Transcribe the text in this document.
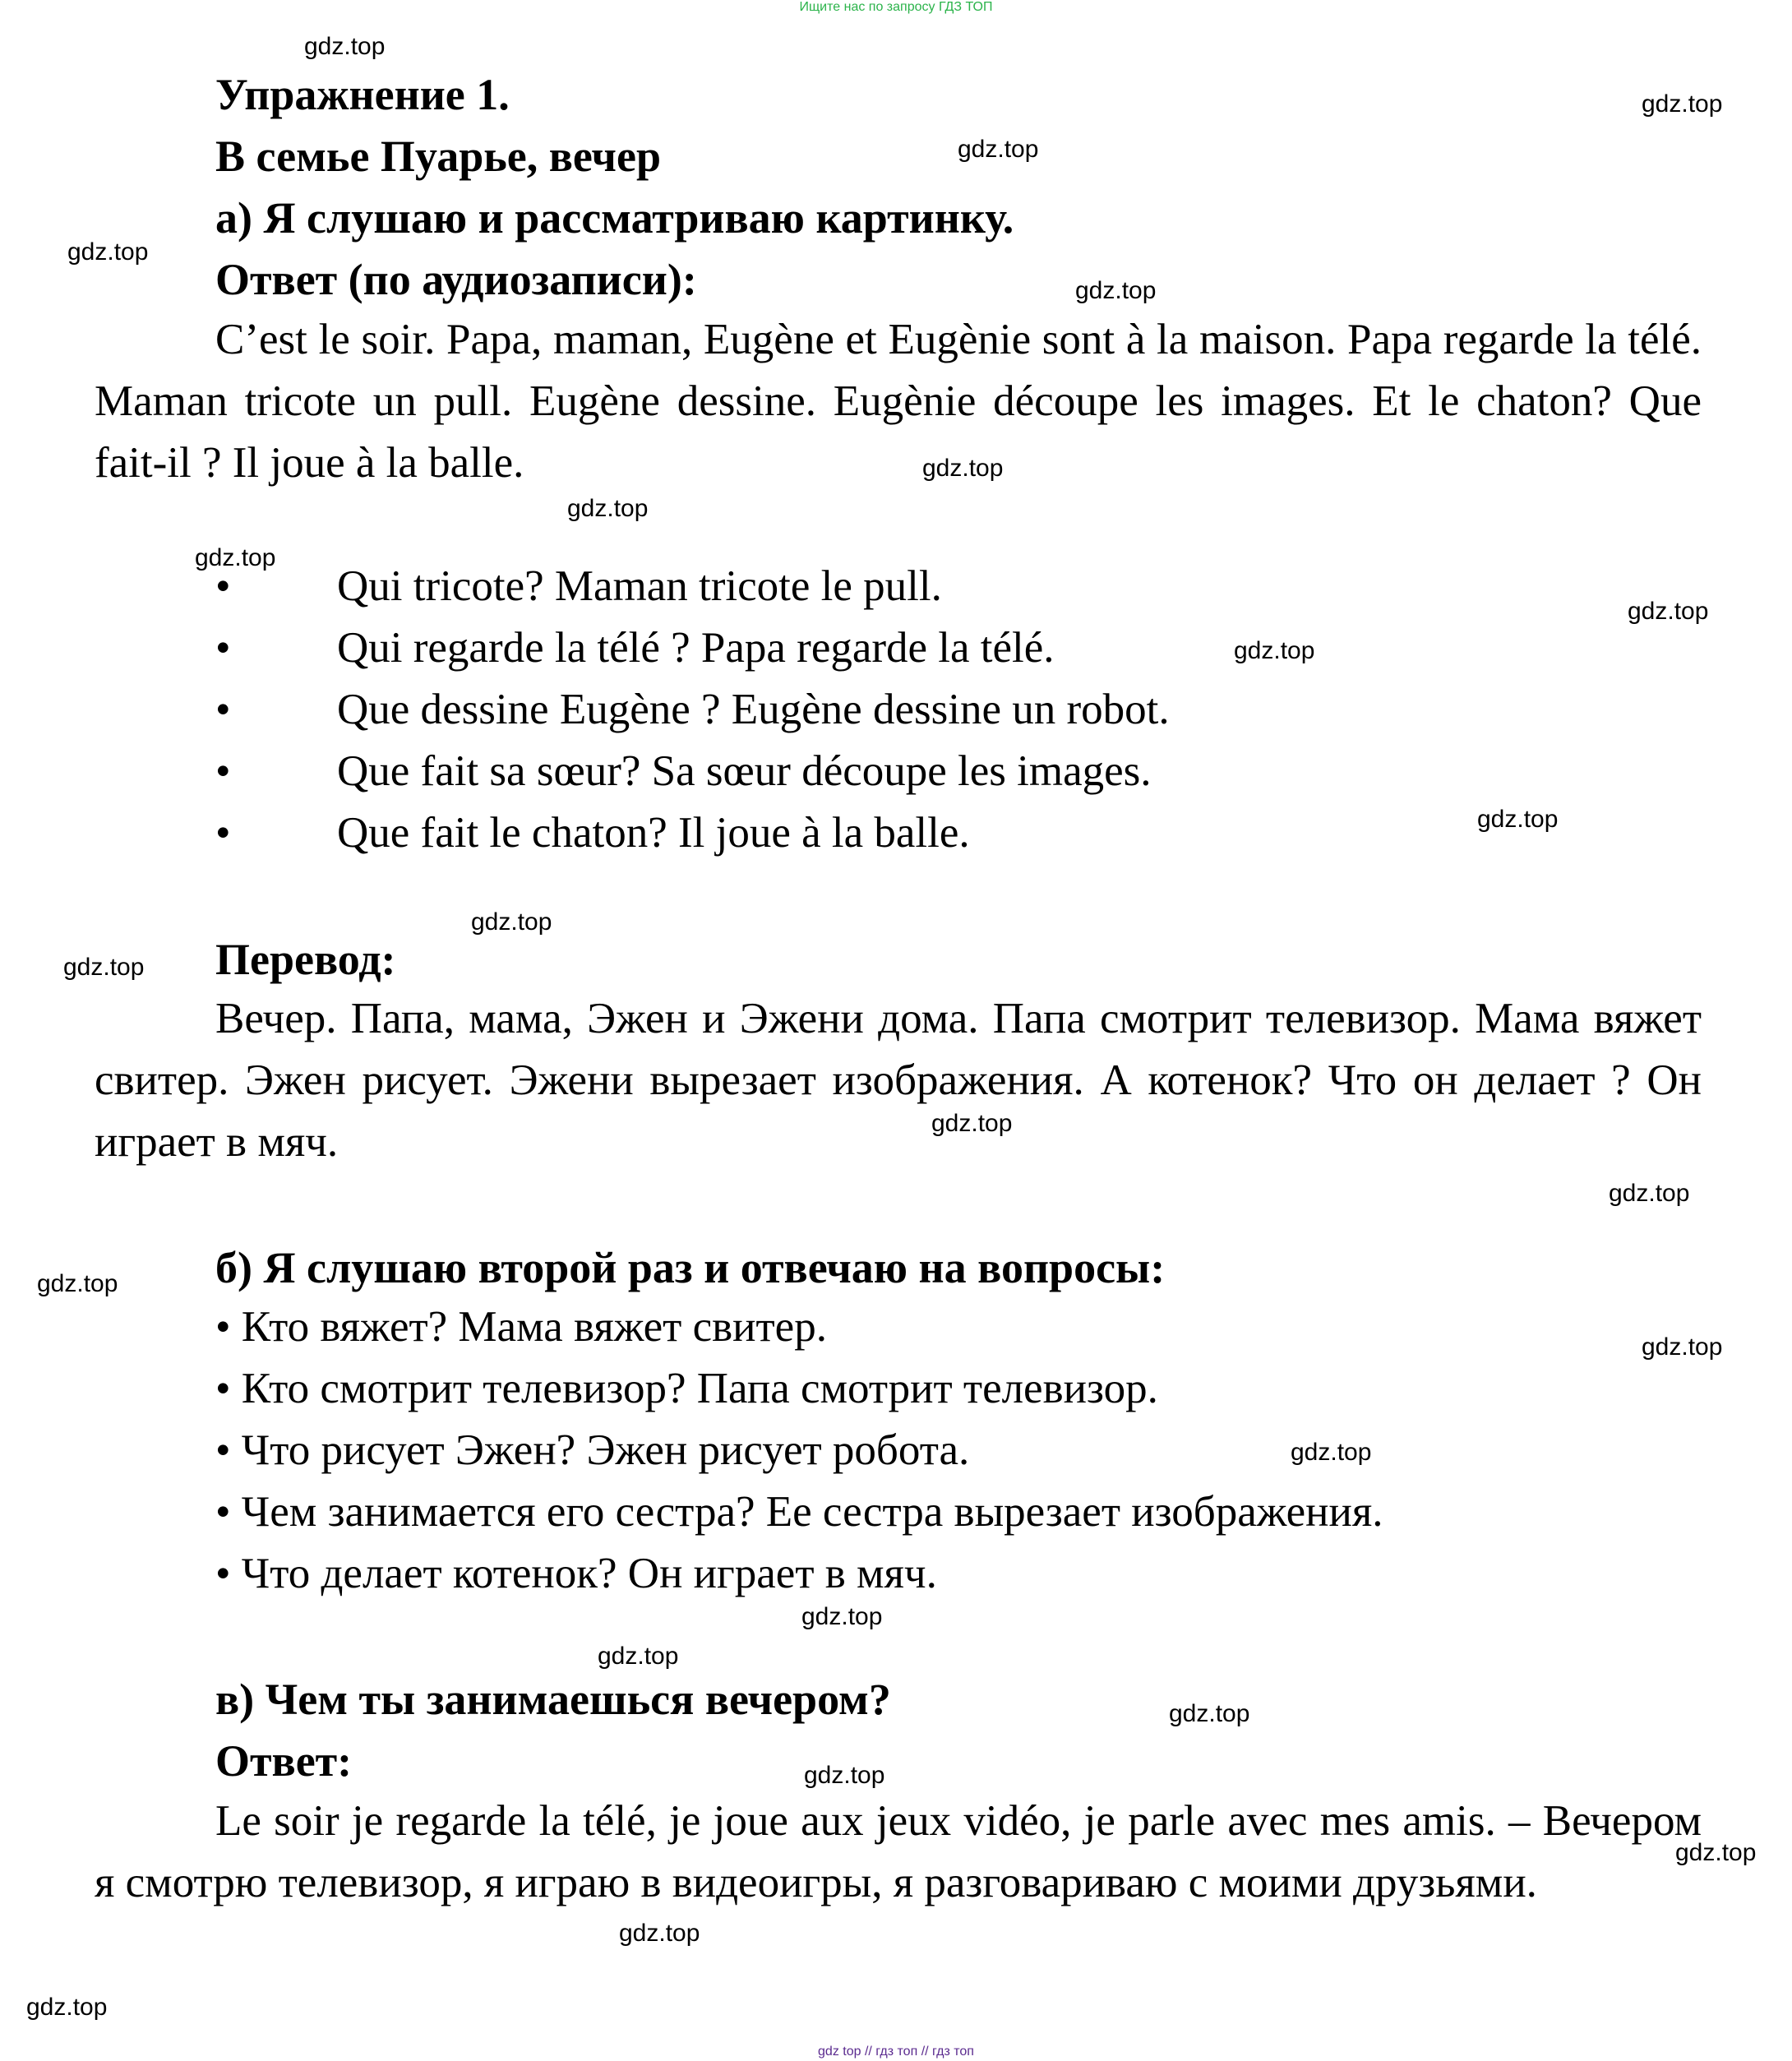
Ищите нас по запросу ГДЗ ТОП
gdz.top
gdz.top
gdz.top
gdz.top
gdz.top
gdz.top
gdz.top
gdz.top
gdz.top
gdz.top
gdz.top
gdz.top
gdz.top
gdz.top
gdz.top
gdz.top
gdz.top
gdz.top
gdz.top
gdz.top
gdz.top
gdz.top
gdz.top
gdz.top
gdz.top
Упражнение 1.
В семье Пуарье, вечер
а) Я слушаю и рассматриваю картинку.
Ответ (по аудиозаписи):

C’est le soir. Papa, maman, Eugène et Eugènie sont à la maison. Papa regarde la télé. Maman tricote un pull. Eugène dessine. Eugènie découpe les images. Et le chaton? Que fait-il ? Il joue à la balle.

• Qui tricote? Maman tricote le pull.
• Qui regarde la télé ? Papa regarde la télé.
• Que dessine Eugène ? Eugène dessine un robot.
• Que fait sa sœur? Sa sœur découpe les images.
• Que fait le chaton? Il joue à la balle.
Перевод:

Вечер. Папа, мама, Эжен и Эжени дома. Папа смотрит телевизор. Мама вяжет свитер. Эжен рисует. Эжени вырезает изображения. А котенок? Что он делает ? Он играет в мяч.

б) Я слушаю второй раз и отвечаю на вопросы:
• Кто вяжет? Мама вяжет свитер.
• Кто смотрит телевизор? Папа смотрит телевизор.
• Что рисует Эжен? Эжен рисует робота.
• Чем занимается его сестра? Ее сестра вырезает изображения.
• Что делает котенок? Он играет в мяч.
в) Чем ты занимаешься вечером?
Ответ:

Le soir je regarde la télé, je joue aux jeux vidéo, je parle avec mes amis. – Вечером я смотрю телевизор, я играю в видеоигры, я разговариваю с моими друзьями.

gdz top // гдз топ // гдз топ
